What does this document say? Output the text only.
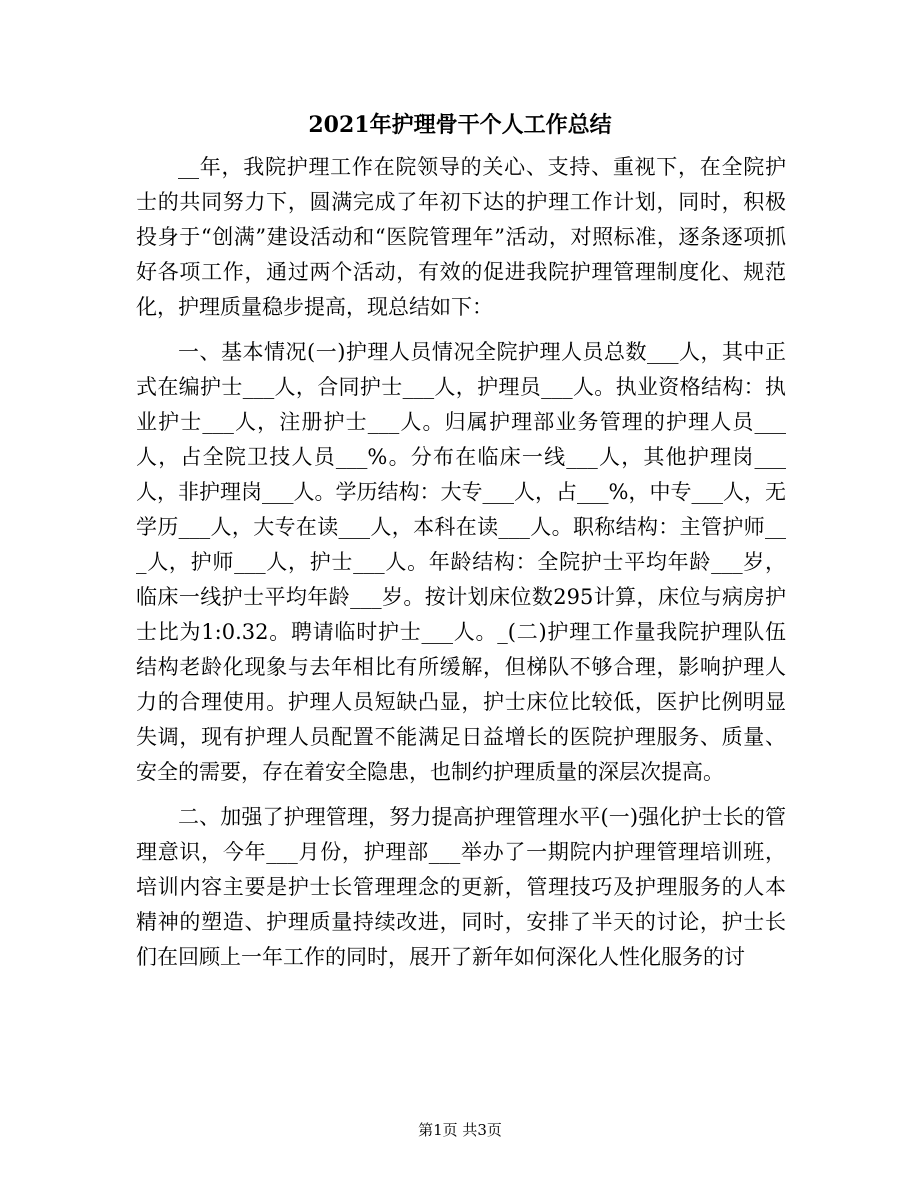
2021年护理骨干个人工作总结

__年，我院护理工作在院领导的关心、支持、重视下，在全院护士的共同努力下，圆满完成了年初下达的护理工作计划，同时，积极投身于“创满”建设活动和“医院管理年”活动，对照标准，逐条逐项抓好各项工作，通过两个活动，有效的促进我院护理管理制度化、规范化，护理质量稳步提高，现总结如下：

一、基本情况(一)护理人员情况全院护理人员总数___人，其中正式在编护士___人，合同护士___人，护理员___人。执业资格结构：执业护士___人，注册护士___人。归属护理部业务管理的护理人员___人，占全院卫技人员___%。分布在临床一线___人，其他护理岗___人，非护理岗___人。学历结构：大专___人，占___%，中专___人，无学历___人，大专在读___人，本科在读___人。职称结构：主管护师___人，护师___人，护士___人。年龄结构：全院护士平均年龄___岁，临床一线护士平均年龄___岁。按计划床位数295计算，床位与病房护士比为1:0.32。聘请临时护士___人。_(二)护理工作量我院护理队伍结构老龄化现象与去年相比有所缓解，但梯队不够合理，影响护理人力的合理使用。护理人员短缺凸显，护士床位比较低，医护比例明显失调，现有护理人员配置不能满足日益增长的医院护理服务、质量、安全的需要，存在着安全隐患，也制约护理质量的深层次提高。

二、加强了护理管理，努力提高护理管理水平(一)强化护士长的管理意识，今年___月份，护理部___举办了一期院内护理管理培训班，培训内容主要是护士长管理理念的更新，管理技巧及护理服务的人本精神的塑造、护理质量持续改进，同时，安排了半天的讨论，护士长们在回顾上一年工作的同时，展开了新年如何深化人性化服务的讨

第1页 共3页
